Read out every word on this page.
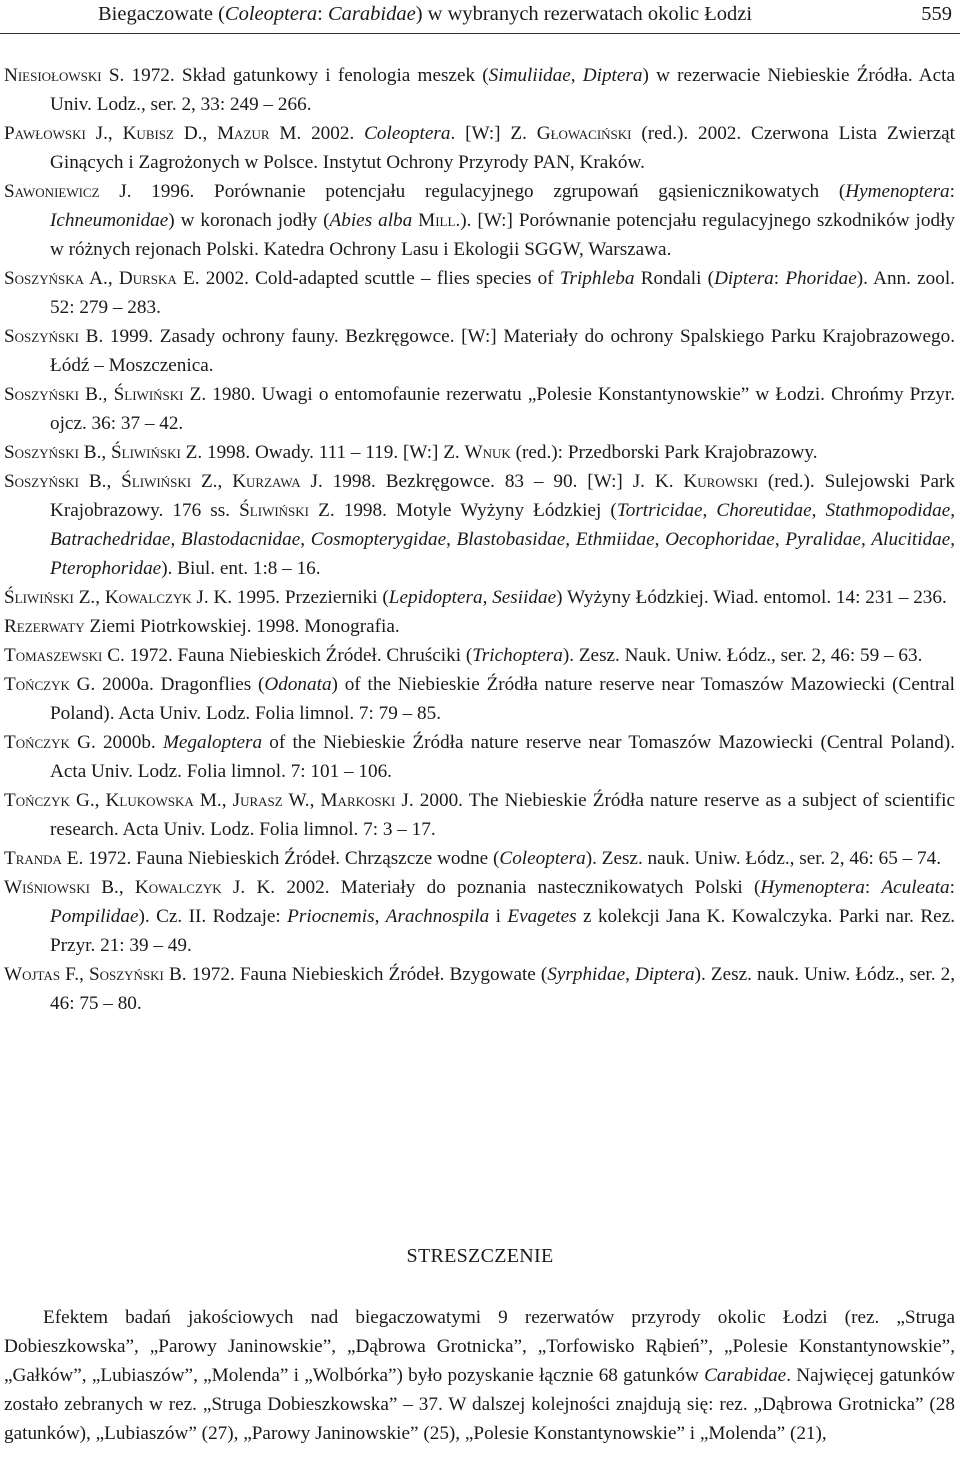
Biegaczowate (Coleoptera: Carabidae) w wybranych rezerwatach okolic Łodzi	559
Niesiołowski S. 1972. Skład gatunkowy i fenologia meszek (Simuliidae, Diptera) w rezerwacie Niebieskie Źródła. Acta Univ. Lodz., ser. 2, 33: 249 – 266.
Pawłowski J., Kubisz D., Mazur M. 2002. Coleoptera. [W:] Z. Głowaciński (red.). 2002. Czerwona Lista Zwierząt Ginących i Zagrożonych w Polsce. Instytut Ochrony Przyrody PAN, Kraków.
Sawoniewicz J. 1996. Porównanie potencjału regulacyjnego zgrupowań gąsienicznikowatych (Hymenoptera: Ichneumonidae) w koronach jodły (Abies alba Mill.). [W:] Porównanie potencjału regulacyjnego szkodników jodły w różnych rejonach Polski. Katedra Ochrony Lasu i Ekologii SGGW, Warszawa.
Soszyńska A., Durska E. 2002. Cold-adapted scuttle – flies species of Triphleba Rondali (Diptera: Phoridae). Ann. zool. 52: 279 – 283.
Soszyński B. 1999. Zasady ochrony fauny. Bezkręgowce. [W:] Materiały do ochrony Spalskiego Parku Krajobrazowego. Łódź – Moszczenica.
Soszyński B., Śliwiński Z. 1980. Uwagi o entomofaunie rezerwatu „Polesie Konstantynowskie” w Łodzi. Chrońmy Przyr. ojcz. 36: 37 – 42.
Soszyński B., Śliwiński Z. 1998. Owady. 111 – 119. [W:] Z. Wnuk (red.): Przedborski Park Krajobrazowy.
Soszyński B., Śliwiński Z., Kurzawa J. 1998. Bezkręgowce. 83 – 90. [W:] J. K. Kurowski (red.). Sulejowski Park Krajobrazowy. 176 ss. Śliwiński Z. 1998. Motyle Wyżyny Łódzkiej (Tortricidae, Choreutidae, Stathmopodidae, Batrachedridae, Blastodacnidae, Cosmopterygidae, Blastobasidae, Ethmiidae, Oecophoridae, Pyralidae, Alucitidae, Pterophoridae). Biul. ent. 1:8 – 16.
Śliwiński Z., Kowalczyk J. K. 1995. Przezierniki (Lepidoptera, Sesiidae) Wyżyny Łódzkiej. Wiad. entomol. 14: 231 – 236.
Rezerwaty Ziemi Piotrkowskiej. 1998. Monografia.
Tomaszewski C. 1972. Fauna Niebieskich Źródeł. Chruściki (Trichoptera). Zesz. Nauk. Uniw. Łódz., ser. 2, 46: 59 – 63.
Tończyk G. 2000a. Dragonflies (Odonata) of the Niebieskie Źródła nature reserve near Tomaszów Mazowiecki (Central Poland). Acta Univ. Lodz. Folia limnol. 7: 79 – 85.
Tończyk G. 2000b. Megaloptera of the Niebieskie Źródła nature reserve near Tomaszów Mazowiecki (Central Poland). Acta Univ. Lodz. Folia limnol. 7: 101 – 106.
Tończyk G., Klukowska M., Jurasz W., Markoski J. 2000. The Niebieskie Źródła nature reserve as a subject of scientific research. Acta Univ. Lodz. Folia limnol. 7: 3 – 17.
Tranda E. 1972. Fauna Niebieskich Źródeł. Chrząszcze wodne (Coleoptera). Zesz. nauk. Uniw. Łódz., ser. 2, 46: 65 – 74.
Wiśniowski B., Kowalczyk J. K. 2002. Materiały do poznania nastecznikowatych Polski (Hymenoptera: Aculeata: Pompilidae). Cz. II. Rodzaje: Priocnemis, Arachnospila i Evagetes z kolekcji Jana K. Kowalczyka. Parki nar. Rez. Przyr. 21: 39 – 49.
Wojtas F., Soszyński B. 1972. Fauna Niebieskich Źródeł. Bzygowate (Syrphidae, Diptera). Zesz. nauk. Uniw. Łódz., ser. 2, 46: 75 – 80.
STRESZCZENIE
Efektem badań jakościowych nad biegaczowatymi 9 rezerwatów przyrody okolic Łodzi (rez. „Struga Dobieszkowska”, „Parowy Janinowskie”, „Dąbrowa Grotnicka”, „Torfowisko Rąbień”, „Polesie Konstantynowskie”, „Gałków”, „Lubiaszów”, „Molenda” i „Wolbórka”) było pozyskanie łącznie 68 gatunków Carabidae. Najwięcej gatunków zostało zebranych w rez. „Struga Dobieszkowska” – 37. W dalszej kolejności znajdują się: rez. „Dąbrowa Grotnicka” (28 gatunków), „Lubiaszów” (27), „Parowy Janinowskie” (25), „Polesie Konstantynowskie” i „Molenda” (21),
